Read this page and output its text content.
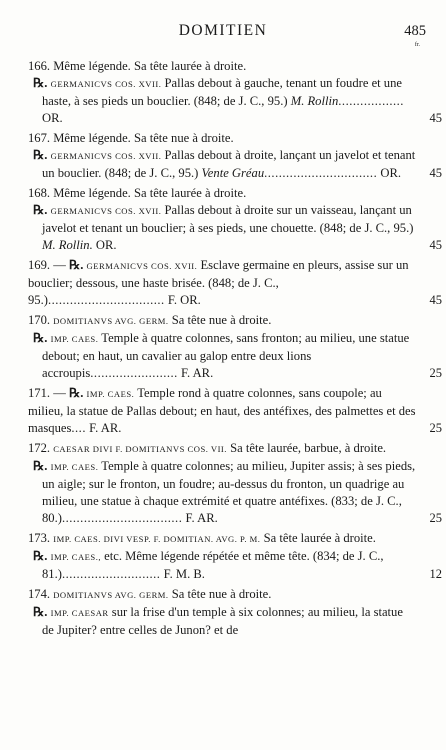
DOMITIEN	485
fr.

166. Même légende. Sa tête laurée à droite.

℞. GERMANICVS COS. XVII. Pallas debout à gauche, tenant un foudre et une haste, à ses pieds un bouclier. (848; de J. C., 95.) M. Rollin.................. OR.	45

167. Même légende. Sa tête nue à droite.

℞. GERMANICVS COS. XVII. Pallas debout à droite, lançant un javelot et tenant un bouclier. (848; de J. C., 95.) Vente Gréau............................... OR. 45

168. Même légende. Sa tête laurée à droite.

℞. GERMANICVS COS. XVII. Pallas debout à droite sur un vaisseau, lançant un javelot et tenant un bouclier; à ses pieds, une chouette. (848; de J. C., 95.) M. Rollin. OR.	45

169. — ℞. GERMANICVS COS. XVII. Esclave germaine en pleurs, assise sur un bouclier; dessous, une haste brisée. (848; de J. C., 95.)................................ F. OR.	45

170. DOMITIANVS AVG. GERM. Sa tête nue à droite.

℞. IMP. CAES. Temple à quatre colonnes, sans fronton; au milieu, une statue debout; en haut, un cavalier au galop entre deux lions accroupis........................ F. AR.	25

171. — ℞. IMP. CAES. Temple rond à quatre colonnes, sans coupole; au milieu, la statue de Pallas debout; en haut, des antéfixes, des palmettes et des masques.... F. AR.	25

172. CAESAR DIVI F. DOMITIANVS COS. VII. Sa tête laurée, barbue, à droite.

℞. IMP. CAES. Temple à quatre colonnes; au milieu, Jupiter assis; à ses pieds, un aigle; sur le fronton, un foudre; au-dessus du fronton, un quadrige au milieu, une statue à chaque extrémité et quatre antéfixes. (833; de J. C., 80.)................................. F. AR.	25

173. IMP. CAES. DIVI VESP. F. DOMITIAN. AVG. P. M. Sa tête laurée à droite.

℞. IMP. CAES., etc. Même légende répétée et même tête. (834; de J. C., 81.)........................... F. M. B.	12

174. DOMITIANVS AVG. GERM. Sa tête nue à droite.

℞. IMP. CAESAR sur la frise d'un temple à six colonnes; au milieu, la statue de Jupiter? entre celles de Junon? et de
